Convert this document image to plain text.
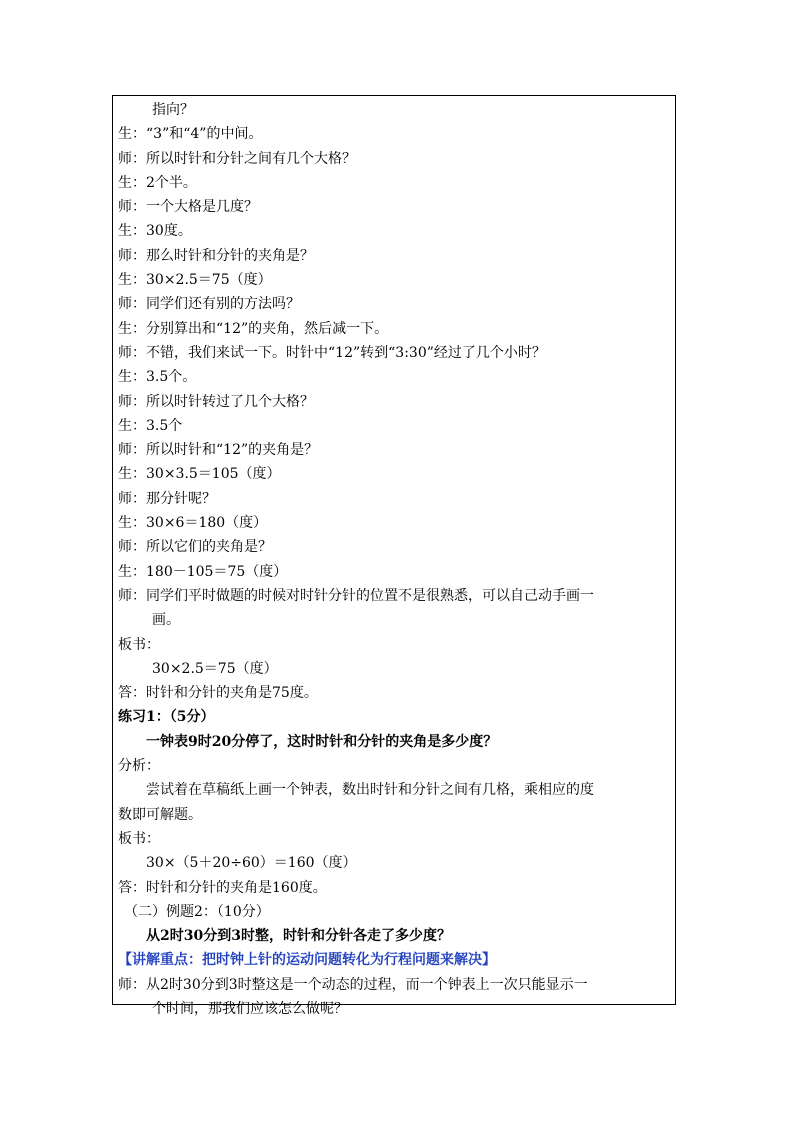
指向？
生：“3”和“4”的中间。
师：所以时针和分针之间有几个大格？
生：2个半。
师：一个大格是几度？
生：30度。
师：那么时针和分针的夹角是？
生：30×2.5＝75（度）
师：同学们还有别的方法吗？
生：分别算出和“12”的夹角，然后减一下。
师：不错，我们来试一下。时针中“12”转到“3:30”经过了几个小时？
生：3.5个。
师：所以时针转过了几个大格？
生：3.5个
师：所以时针和“12”的夹角是？
生：30×3.5＝105（度）
师：那分针呢？
生：30×6＝180（度）
师：所以它们的夹角是？
生：180－105＝75（度）
师：同学们平时做题的时候对时针分针的位置不是很熟悉，可以自己动手画一
画。
板书：
30×2.5＝75（度）
答：时针和分针的夹角是75度。
练习1：（5分）
一钟表9时20分停了，这时时针和分针的夹角是多少度？
分析：
尝试着在草稿纸上画一个钟表，数出时针和分针之间有几格，乘相应的度
数即可解题。
板书：
30×（5＋20÷60）＝160（度）
答：时针和分针的夹角是160度。
（二）例题2：（10分）
从2时30分到3时整，时针和分针各走了多少度？
【讲解重点：把时钟上针的运动问题转化为行程问题来解决】
师：从2时30分到3时整这是一个动态的过程，而一个钟表上一次只能显示一
个时间，那我们应该怎么做呢？
